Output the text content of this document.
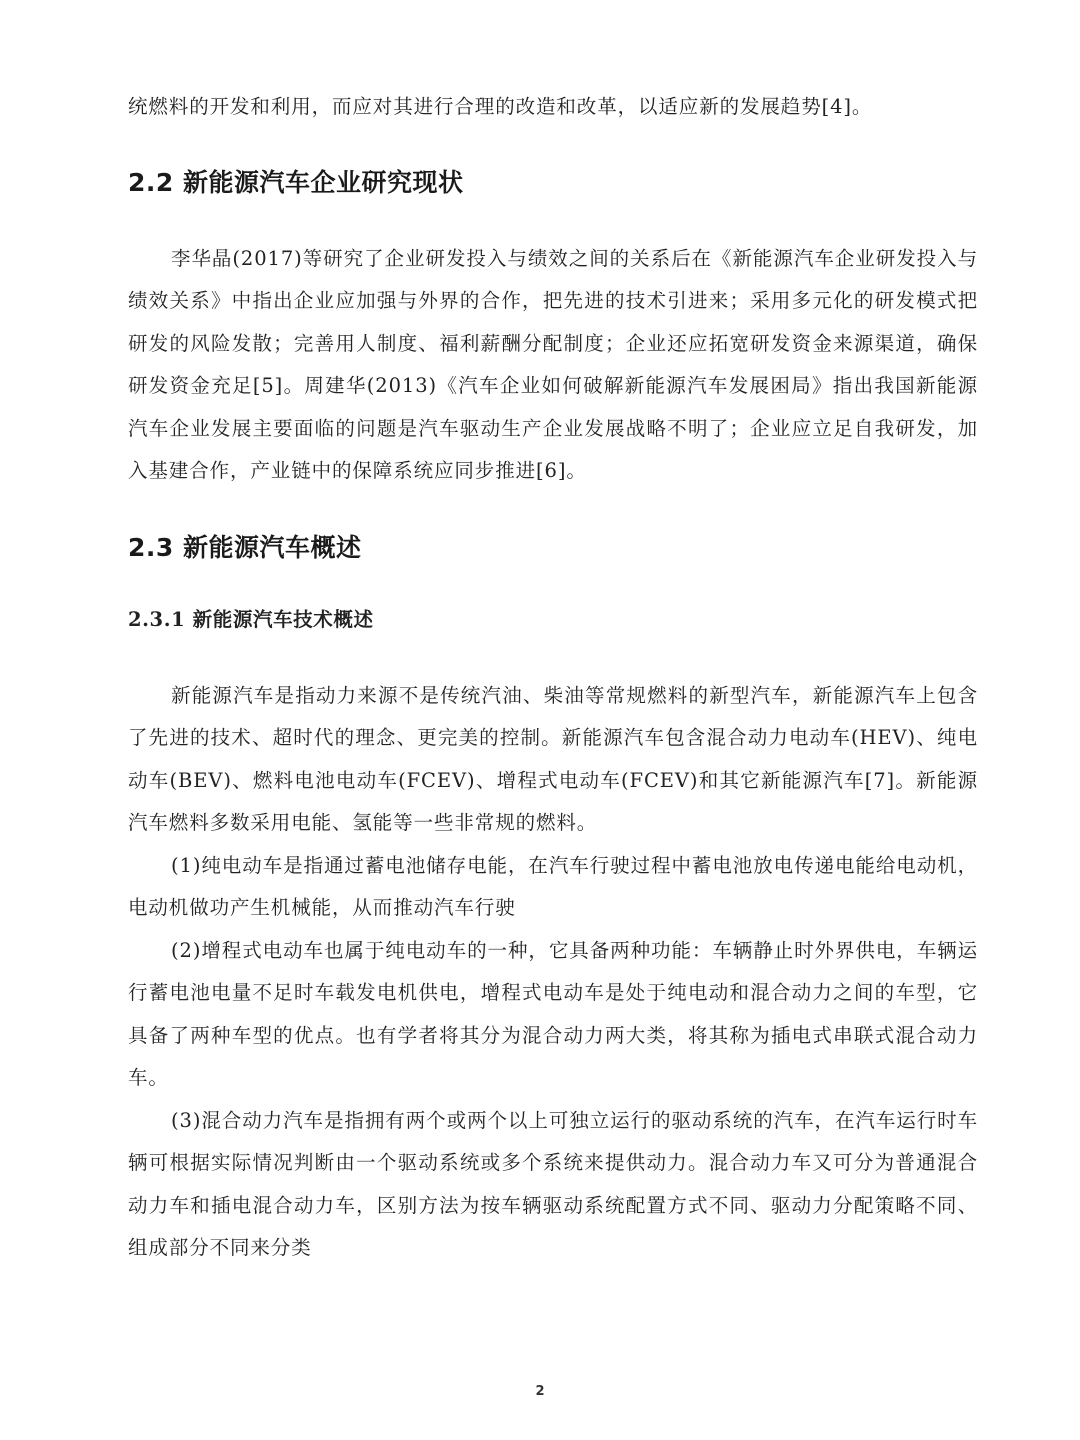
统燃料的开发和利用，而应对其进行合理的改造和改革，以适应新的发展趋势[4]。

2.2 新能源汽车企业研究现状

李华晶(2017)等研究了企业研发投入与绩效之间的关系后在《新能源汽车企业研发投入与绩效关系》中指出企业应加强与外界的合作，把先进的技术引进来；采用多元化的研发模式把研发的风险发散；完善用人制度、福利薪酬分配制度；企业还应拓宽研发资金来源渠道，确保研发资金充足[5]。周建华(2013)《汽车企业如何破解新能源汽车发展困局》指出我国新能源汽车企业发展主要面临的问题是汽车驱动生产企业发展战略不明了；企业应立足自我研发，加入基建合作，产业链中的保障系统应同步推进[6]。

2.3 新能源汽车概述
2.3.1 新能源汽车技术概述

新能源汽车是指动力来源不是传统汽油、柴油等常规燃料的新型汽车，新能源汽车上包含了先进的技术、超时代的理念、更完美的控制。新能源汽车包含混合动力电动车(HEV)、纯电动车(BEV)、燃料电池电动车(FCEV)、增程式电动车(FCEV)和其它新能源汽车[7]。新能源汽车燃料多数采用电能、氢能等一些非常规的燃料。

(1)纯电动车是指通过蓄电池储存电能，在汽车行驶过程中蓄电池放电传递电能给电动机，电动机做功产生机械能，从而推动汽车行驶

(2)增程式电动车也属于纯电动车的一种，它具备两种功能：车辆静止时外界供电，车辆运行蓄电池电量不足时车载发电机供电，增程式电动车是处于纯电动和混合动力之间的车型，它具备了两种车型的优点。也有学者将其分为混合动力两大类，将其称为插电式串联式混合动力车。

(3)混合动力汽车是指拥有两个或两个以上可独立运行的驱动系统的汽车，在汽车运行时车辆可根据实际情况判断由一个驱动系统或多个系统来提供动力。混合动力车又可分为普通混合动力车和插电混合动力车，区别方法为按车辆驱动系统配置方式不同、驱动力分配策略不同、组成部分不同来分类

2
